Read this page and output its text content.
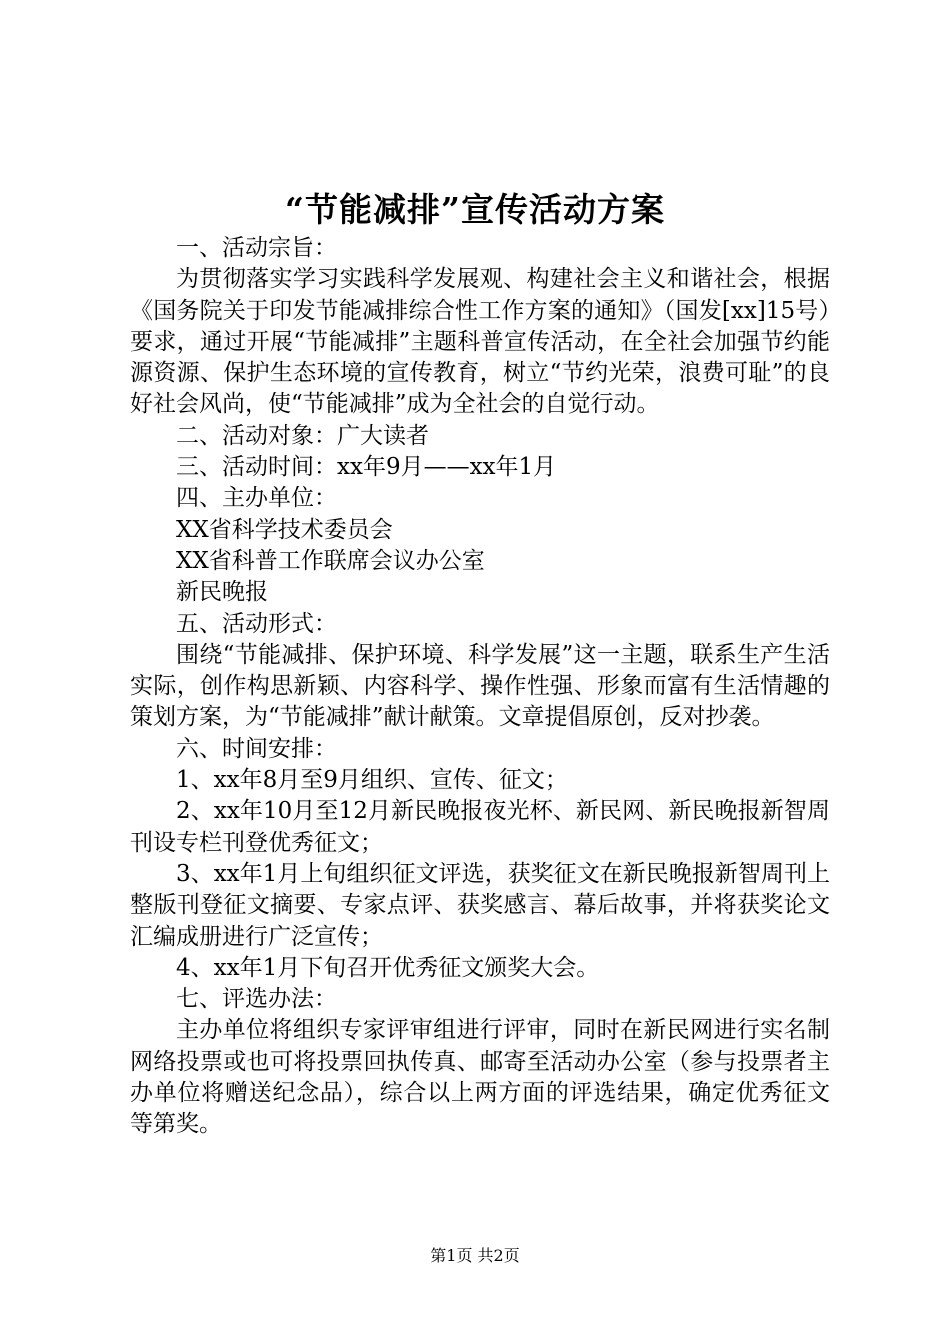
“节能减排”宣传活动方案

一、活动宗旨：

为贯彻落实学习实践科学发展观、构建社会主义和谐社会，根据《国务院关于印发节能减排综合性工作方案的通知》（国发[xx]15号）要求，通过开展“节能减排”主题科普宣传活动，在全社会加强节约能源资源、保护生态环境的宣传教育，树立“节约光荣，浪费可耻”的良好社会风尚，使“节能减排”成为全社会的自觉行动。

二、活动对象：广大读者

三、活动时间：xx年9月——xx年1月

四、主办单位：

XX省科学技术委员会

XX省科普工作联席会议办公室

新民晚报

五、活动形式：

围绕“节能减排、保护环境、科学发展”这一主题，联系生产生活实际，创作构思新颖、内容科学、操作性强、形象而富有生活情趣的策划方案，为“节能减排”献计献策。文章提倡原创，反对抄袭。

六、时间安排：

1、xx年8月至9月组织、宣传、征文；

2、xx年10月至12月新民晚报夜光杯、新民网、新民晚报新智周刊设专栏刊登优秀征文；

3、xx年1月上旬组织征文评选，获奖征文在新民晚报新智周刊上整版刊登征文摘要、专家点评、获奖感言、幕后故事，并将获奖论文汇编成册进行广泛宣传；

4、xx年1月下旬召开优秀征文颁奖大会。

七、评选办法：

主办单位将组织专家评审组进行评审，同时在新民网进行实名制网络投票或也可将投票回执传真、邮寄至活动办公室（参与投票者主办单位将赠送纪念品），综合以上两方面的评选结果，确定优秀征文等第奖。

第1页 共2页
